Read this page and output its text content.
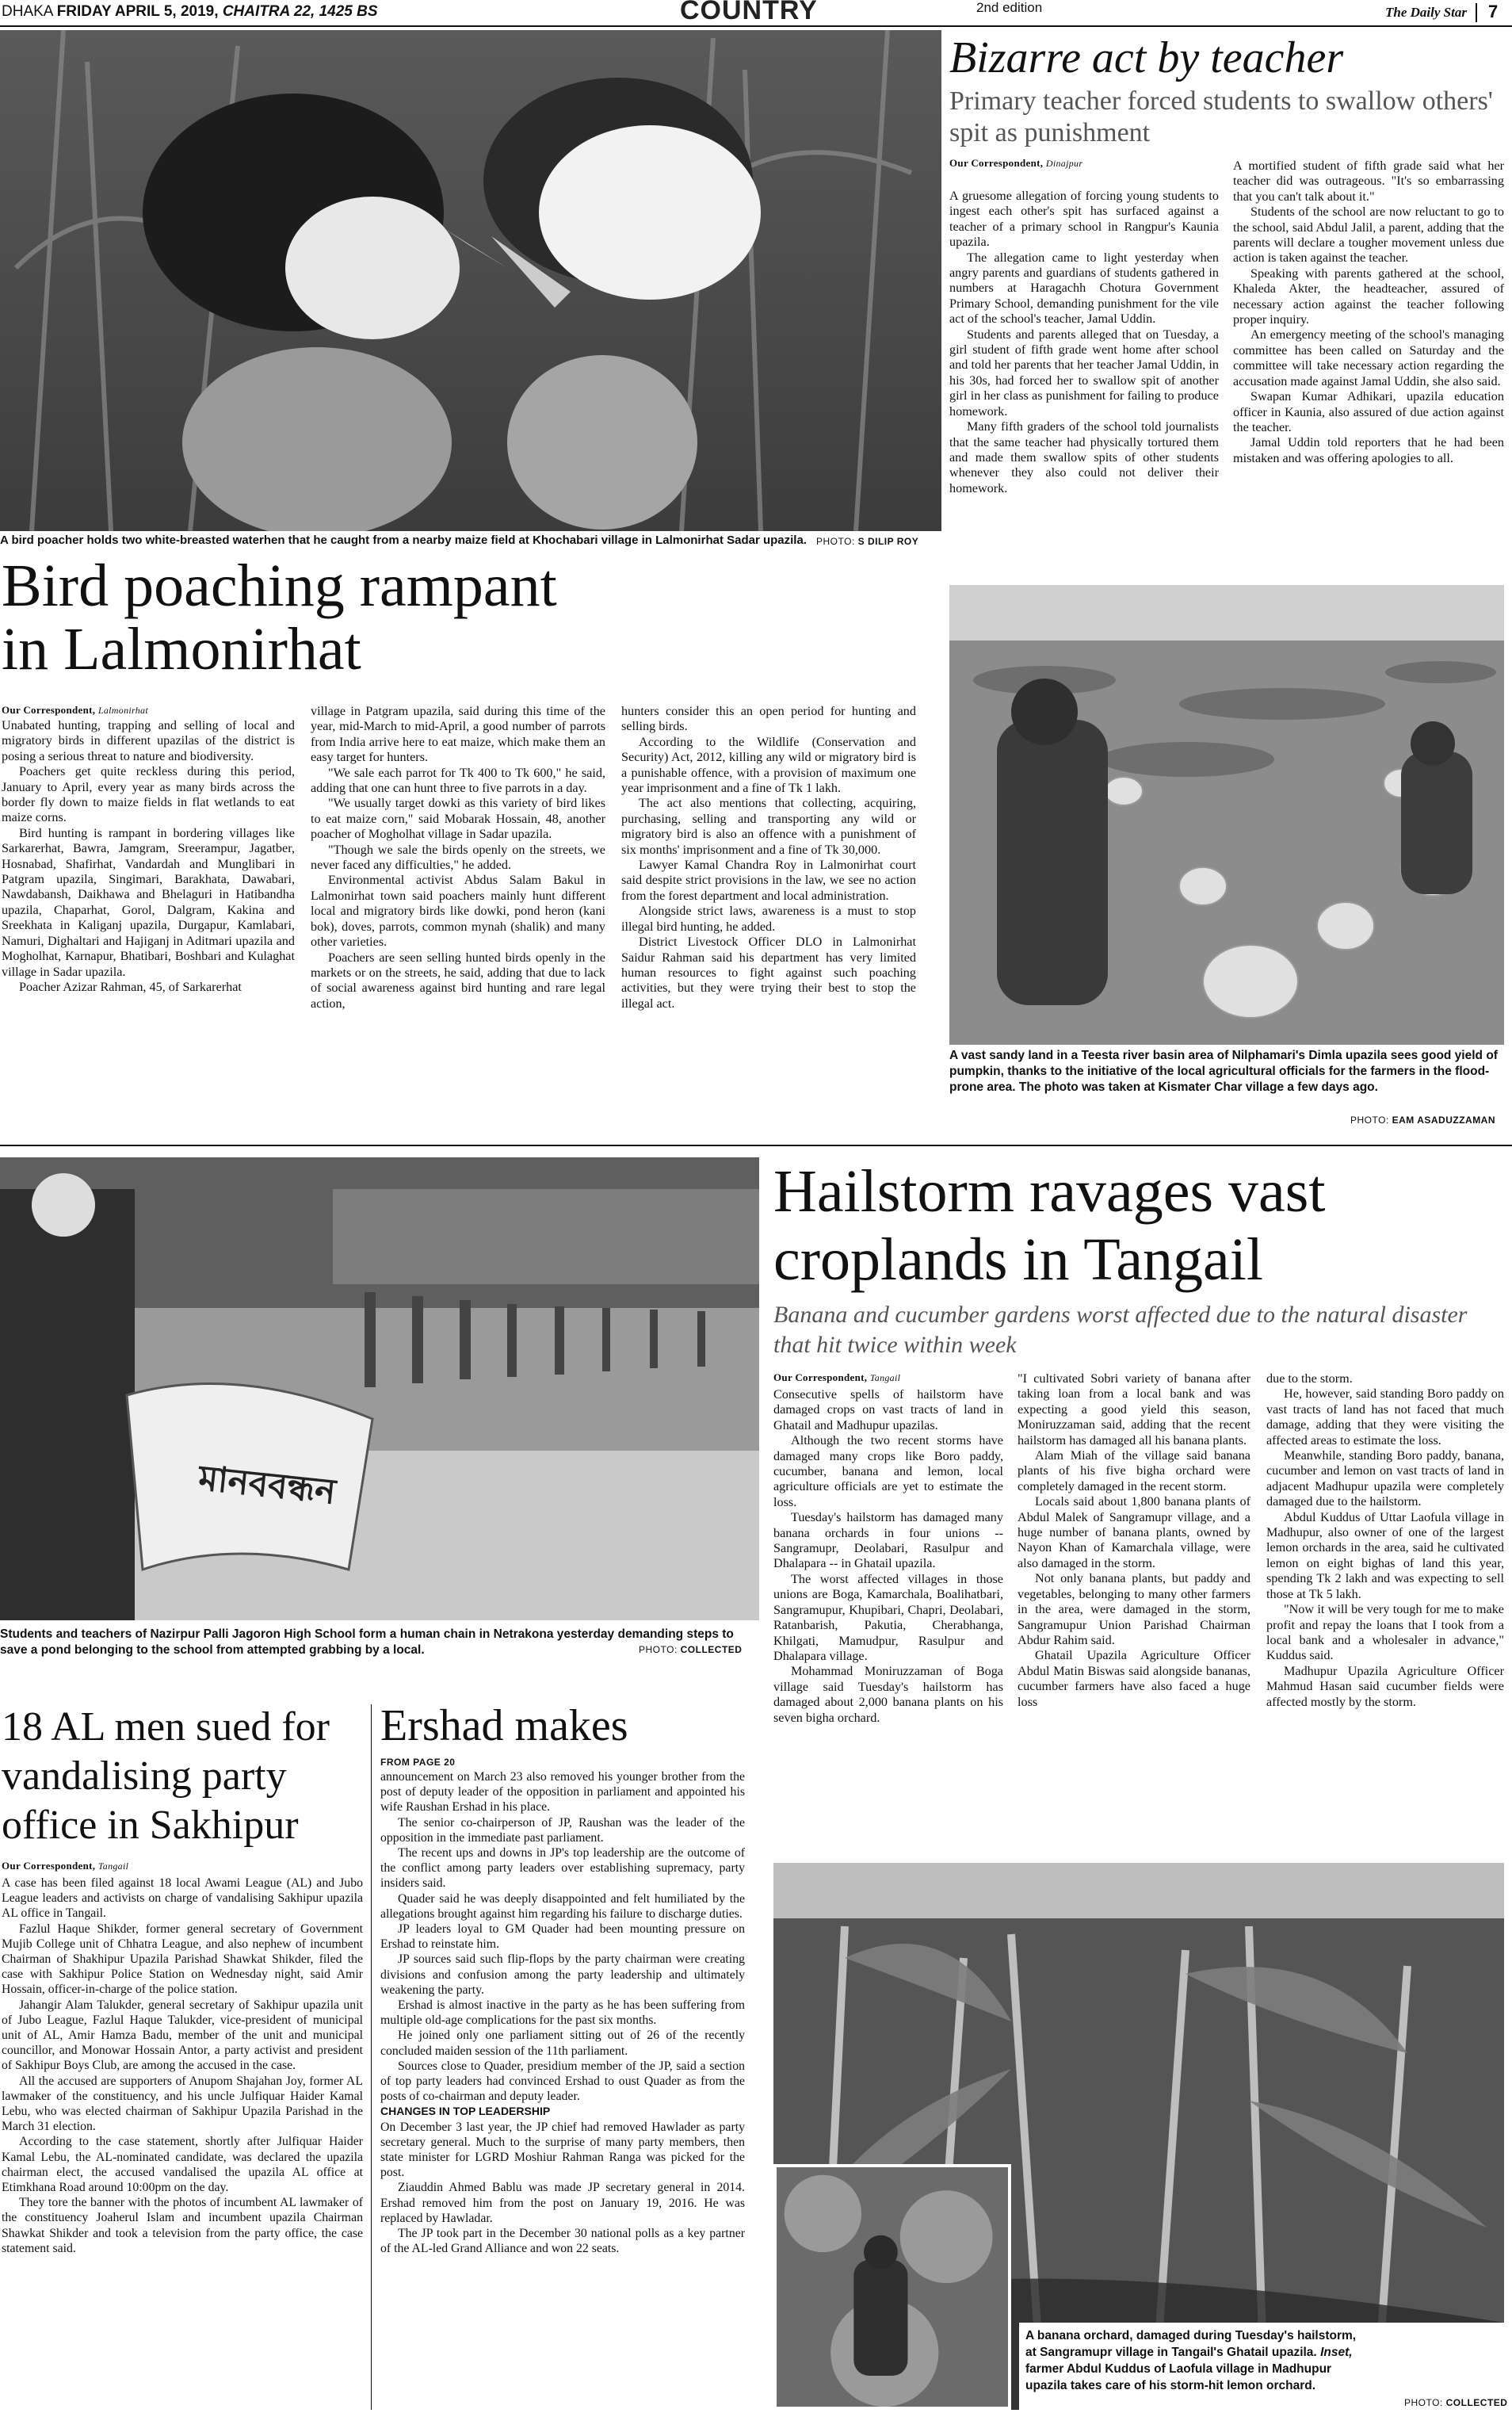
DHAKA FRIDAY APRIL 5, 2019, CHAITRA 22, 1425 BS	COUNTRY	2nd edition	The Daily Star 7
A bird poacher holds two white-breasted waterhen that he caught from a nearby maize field at Khochabari village in Lalmonirhat Sadar upazila.	PHOTO: S DILIP ROY
Bird poaching rampant
in Lalmonirhat
Our Correspondent, Lalmonirhat

Unabated hunting, trapping and selling of local and migratory birds in different upazilas of the district is posing a serious threat to nature and biodiversity.

Poachers get quite reckless during this period, January to April, every year as many birds across the border fly down to maize fields in flat wetlands to eat maize corns.

Bird hunting is rampant in bordering villages like Sarkarerhat, Bawra, Jamgram, Sreerampur, Jagatber, Hosnabad, Shafirhat, Vandardah and Munglibari in Patgram upazila, Singimari, Barakhata, Dawabari, Nawdabansh, Daikhawa and Bhelaguri in Hatibandha upazila, Chaparhat, Gorol, Dalgram, Kakina and Sreekhata in Kaliganj upazila, Durgapur, Kamlabari, Namuri, Dighaltari and Hajiganj in Aditmari upazila and Mogholhat, Karnapur, Bhatibari, Boshbari and Kulaghat village in Sadar upazila.

Poacher Azizar Rahman, 45, of Sarkarerhat

village in Patgram upazila, said during this time of the year, mid-March to mid-April, a good number of parrots from India arrive here to eat maize, which make them an easy target for hunters.

"We sale each parrot for Tk 400 to Tk 600," he said, adding that one can hunt three to five parrots in a day.

"We usually target dowki as this variety of bird likes to eat maize corn," said Mobarak Hossain, 48, another poacher of Mogholhat village in Sadar upazila.

"Though we sale the birds openly on the streets, we never faced any difficulties," he added.

Environmental activist Abdus Salam Bakul in Lalmonirhat town said poachers mainly hunt different local and migratory birds like dowki, pond heron (kani bok), doves, parrots, common mynah (shalik) and many other varieties.

Poachers are seen selling hunted birds openly in the markets or on the streets, he said, adding that due to lack of social awareness against bird hunting and rare legal action,

hunters consider this an open period for hunting and selling birds.

According to the Wildlife (Conservation and Security) Act, 2012, killing any wild or migratory bird is a punishable offence, with a provision of maximum one year imprisonment and a fine of Tk 1 lakh.

The act also mentions that collecting, acquiring, purchasing, selling and transporting any wild or migratory bird is also an offence with a punishment of six months' imprisonment and a fine of Tk 30,000.

Lawyer Kamal Chandra Roy in Lalmonirhat court said despite strict provisions in the law, we see no action from the forest department and local administration.

Alongside strict laws, awareness is a must to stop illegal bird hunting, he added.

District Livestock Officer DLO in Lalmonirhat Saidur Rahman said his department has very limited human resources to fight against such poaching activities, but they were trying their best to stop the illegal act.

Bizarre act by teacher
Primary teacher forced students to swallow others' spit as punishment
Our Correspondent, Dinajpur

A gruesome allegation of forcing young students to ingest each other's spit has surfaced against a teacher of a primary school in Rangpur's Kaunia upazila.

The allegation came to light yesterday when angry parents and guardians of students gathered in numbers at Haragachh Chotura Government Primary School, demanding punishment for the vile act of the school's teacher, Jamal Uddin.

Students and parents alleged that on Tuesday, a girl student of fifth grade went home after school and told her parents that her teacher Jamal Uddin, in his 30s, had forced her to swallow spit of another girl in her class as punishment for failing to produce homework.

Many fifth graders of the school told journalists that the same teacher had physically tortured them and made them swallow spits of other students whenever they also could not deliver their homework.

A mortified student of fifth grade said what her teacher did was outrageous. "It's so embarrassing that you can't talk about it."

Students of the school are now reluctant to go to the school, said Abdul Jalil, a parent, adding that the parents will declare a tougher movement unless due action is taken against the teacher.

Speaking with parents gathered at the school, Khaleda Akter, the headteacher, assured of necessary action against the teacher following proper inquiry.

An emergency meeting of the school's managing committee has been called on Saturday and the committee will take necessary action regarding the accusation made against Jamal Uddin, she also said.

Swapan Kumar Adhikari, upazila education officer in Kaunia, also assured of due action against the teacher.

Jamal Uddin told reporters that he had been mistaken and was offering apologies to all.

A vast sandy land in a Teesta river basin area of Nilphamari's Dimla upazila sees good yield of pumpkin, thanks to the initiative of the local agricultural officials for the farmers in the flood-prone area. The photo was taken at Kismater Char village a few days ago.
PHOTO: EAM ASADUZZAMAN
মানববন্ধন
Students and teachers of Nazirpur Palli Jagoron High School form a human chain in Netrakona yesterday demanding steps to save a pond belonging to the school from attempted grabbing by a local.	PHOTO: COLLECTED
Hailstorm ravages vast
croplands in Tangail
Banana and cucumber gardens worst affected due to the natural disaster that hit twice within week
Our Correspondent, Tangail

Consecutive spells of hailstorm have damaged crops on vast tracts of land in Ghatail and Madhupur upazilas.

Although the two recent storms have damaged many crops like Boro paddy, cucumber, banana and lemon, local agriculture officials are yet to estimate the loss.

Tuesday's hailstorm has damaged many banana orchards in four unions -- Sangramupr, Deolabari, Rasulpur and Dhalapara -- in Ghatail upazila.

The worst affected villages in those unions are Boga, Kamarchala, Boalihatbari, Sangramupur, Khupibari, Chapri, Deolabari, Ratanbarish, Pakutia, Cherabhanga, Khilgati, Mamudpur, Rasulpur and Dhalapara village.

Mohammad Moniruzzaman of Boga village said Tuesday's hailstorm has damaged about 2,000 banana plants on his seven bigha orchard.

"I cultivated Sobri variety of banana after taking loan from a local bank and was expecting a good yield this season, Moniruzzaman said, adding that the recent hailstorm has damaged all his banana plants.

Alam Miah of the village said banana plants of his five bigha orchard were completely damaged in the recent storm.

Locals said about 1,800 banana plants of Abdul Malek of Sangramupr village, and a huge number of banana plants, owned by Nayon Khan of Kamarchala village, were also damaged in the storm.

Not only banana plants, but paddy and vegetables, belonging to many other farmers in the area, were damaged in the storm, Sangramupur Union Parishad Chairman Abdur Rahim said.

Ghatail Upazila Agriculture Officer Abdul Matin Biswas said alongside bananas, cucumber farmers have also faced a huge loss

due to the storm.

He, however, said standing Boro paddy on vast tracts of land has not faced that much damage, adding that they were visiting the affected areas to estimate the loss.

Meanwhile, standing Boro paddy, banana, cucumber and lemon on vast tracts of land in adjacent Madhupur upazila were completely damaged due to the hailstorm.

Abdul Kuddus of Uttar Laofula village in Madhupur, also owner of one of the largest lemon orchards in the area, said he cultivated lemon on eight bighas of land this year, spending Tk 2 lakh and was expecting to sell those at Tk 5 lakh.

"Now it will be very tough for me to make profit and repay the loans that I took from a local bank and a wholesaler in advance," Kuddus said.

Madhupur Upazila Agriculture Officer Mahmud Hasan said cucumber fields were affected mostly by the storm.

A banana orchard, damaged during Tuesday's hailstorm, at Sangramupr village in Tangail's Ghatail upazila. Inset, farmer Abdul Kuddus of Laofula village in Madhupur upazila takes care of his storm-hit lemon orchard.
PHOTO: COLLECTED
18 AL men sued for
vandalising party
office in Sakhipur
Our Correspondent, Tangail

A case has been filed against 18 local Awami League (AL) and Jubo League leaders and activists on charge of vandalising Sakhipur upazila AL office in Tangail.

Fazlul Haque Shikder, former general secretary of Government Mujib College unit of Chhatra League, and also nephew of incumbent Chairman of Shakhipur Upazila Parishad Shawkat Shikder, filed the case with Sakhipur Police Station on Wednesday night, said Amir Hossain, officer-in-charge of the police station.

Jahangir Alam Talukder, general secretary of Sakhipur upazila unit of Jubo League, Fazlul Haque Talukder, vice-president of municipal unit of AL, Amir Hamza Badu, member of the unit and municipal councillor, and Monowar Hossain Antor, a party activist and president of Sakhipur Boys Club, are among the accused in the case.

All the accused are supporters of Anupom Shajahan Joy, former AL lawmaker of the constituency, and his uncle Julfiquar Haider Kamal Lebu, who was elected chairman of Sakhipur Upazila Parishad in the March 31 election.

According to the case statement, shortly after Julfiquar Haider Kamal Lebu, the AL-nominated candidate, was declared the upazila chairman elect, the accused vandalised the upazila AL office at Etimkhana Road around 10:00pm on the day.

They tore the banner with the photos of incumbent AL lawmaker of the constituency Joaherul Islam and incumbent upazila Chairman Shawkat Shikder and took a television from the party office, the case statement said.

Ershad makes
FROM PAGE 20

announcement on March 23 also removed his younger brother from the post of deputy leader of the opposition in parliament and appointed his wife Raushan Ershad in his place.

The senior co-chairperson of JP, Raushan was the leader of the opposition in the immediate past parliament.

The recent ups and downs in JP's top leadership are the outcome of the conflict among party leaders over establishing supremacy, party insiders said.

Quader said he was deeply disappointed and felt humiliated by the allegations brought against him regarding his failure to discharge duties.

JP leaders loyal to GM Quader had been mounting pressure on Ershad to reinstate him.

JP sources said such flip-flops by the party chairman were creating divisions and confusion among the party leadership and ultimately weakening the party.

Ershad is almost inactive in the party as he has been suffering from multiple old-age complications for the past six months.

He joined only one parliament sitting out of 26 of the recently concluded maiden session of the 11th parliament.

Sources close to Quader, presidium member of the JP, said a section of top party leaders had convinced Ershad to oust Quader as from the posts of co-chairman and deputy leader.

CHANGES IN TOP LEADERSHIP

On December 3 last year, the JP chief had removed Hawlader as party secretary general. Much to the surprise of many party members, then state minister for LGRD Moshiur Rahman Ranga was picked for the post.

Ziauddin Ahmed Bablu was made JP secretary general in 2014. Ershad removed him from the post on January 19, 2016. He was replaced by Hawladar.

The JP took part in the December 30 national polls as a key partner of the AL-led Grand Alliance and won 22 seats.
